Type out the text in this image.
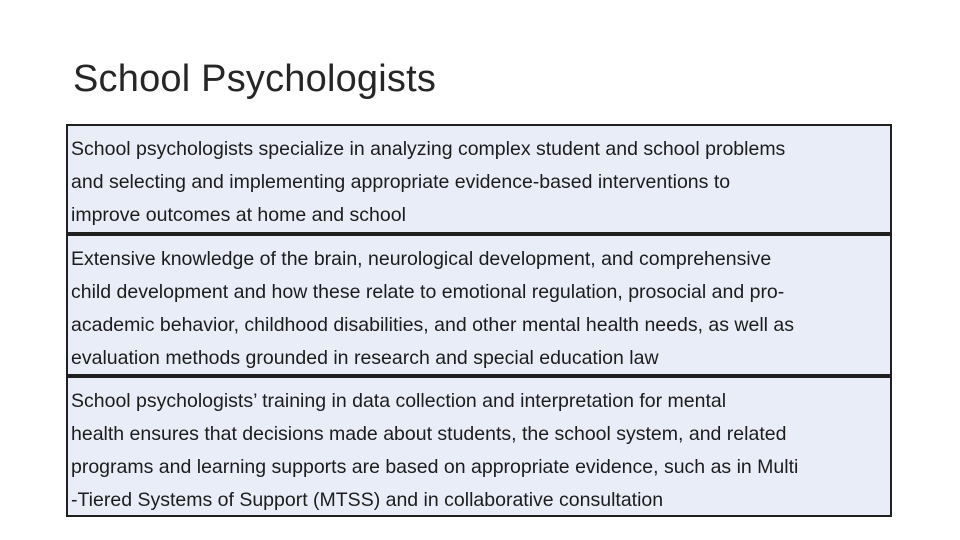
School Psychologists
School psychologists specialize in analyzing complex student and school problems
and selecting and implementing appropriate evidence-based interventions to
improve outcomes at home and school
Extensive knowledge of the brain, neurological development, and comprehensive
child development and how these relate to emotional regulation, prosocial and pro-
academic behavior, childhood disabilities, and other mental health needs, as well as
evaluation methods grounded in research and special education law
School psychologists’ training in data collection and interpretation for mental
health ensures that decisions made about students, the school system, and related
programs and learning supports are based on appropriate evidence, such as in Multi
-Tiered Systems of Support (MTSS) and in collaborative consultation
